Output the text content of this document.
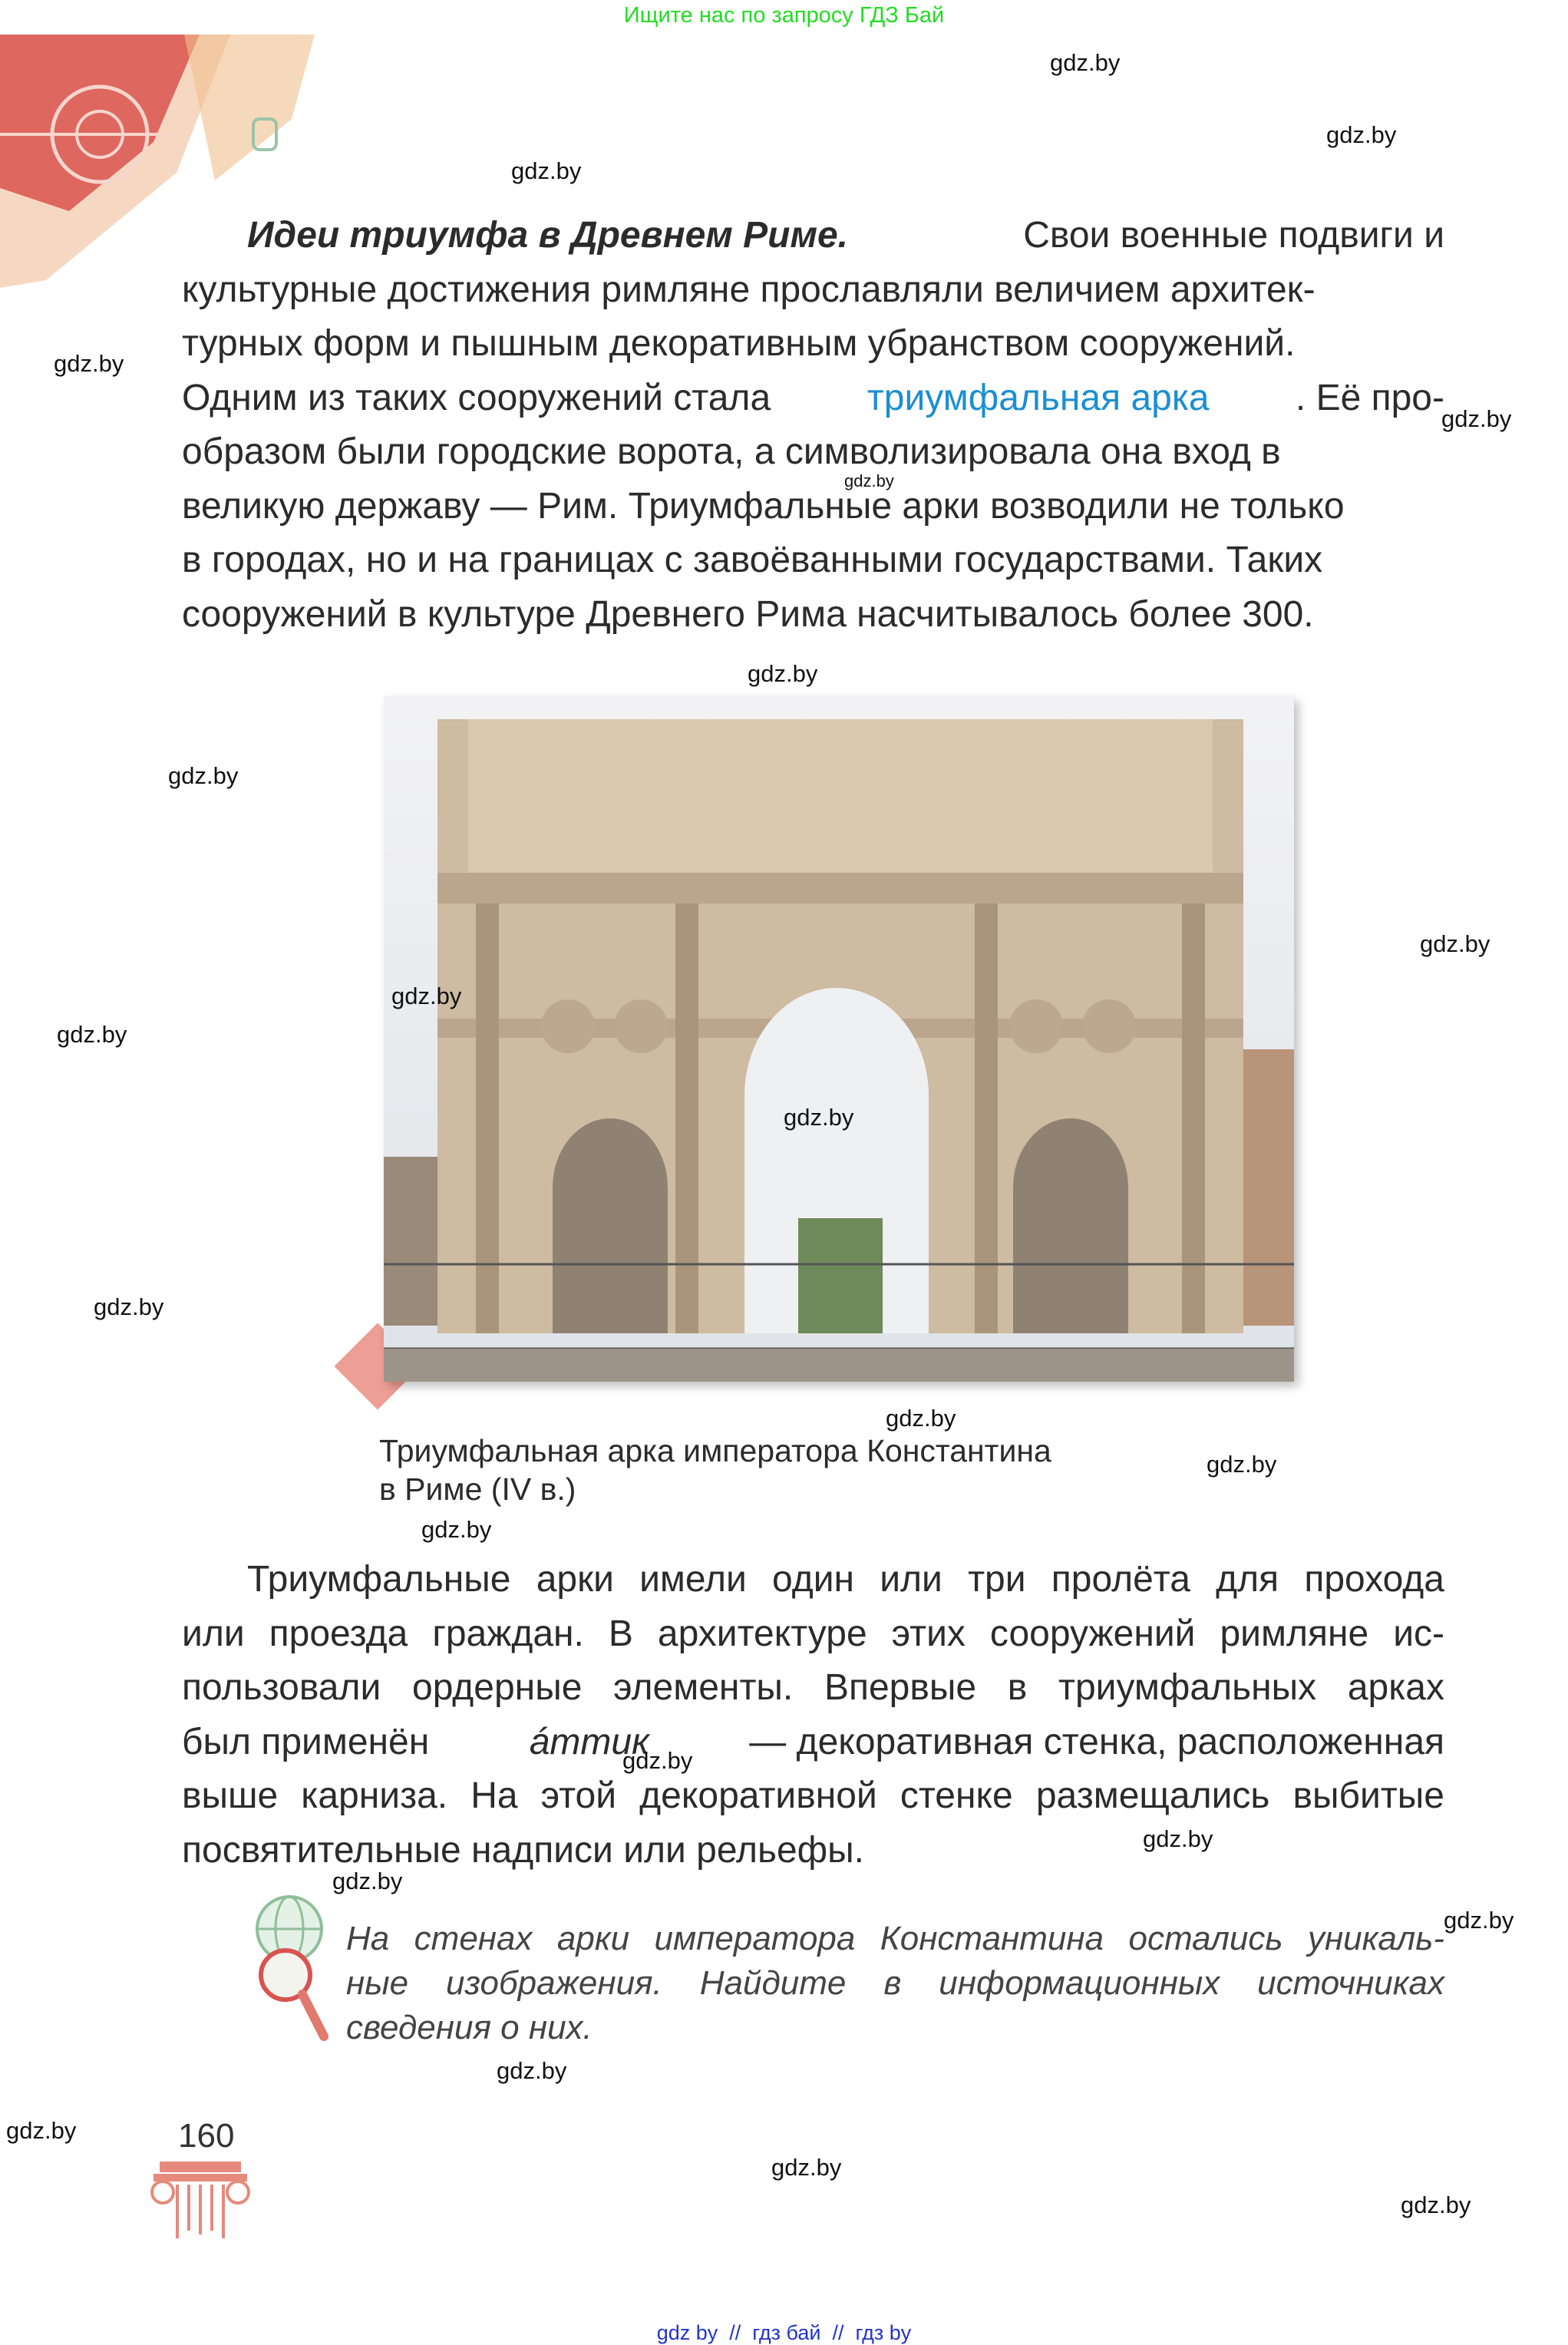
Ищите нас по запросу ГДЗ Бай
Идеи триумфа в Древнем Риме.	Свои военные подвиги и
культурные достижения римляне прославляли величием архитек-
турных форм и пышным декоративным убранством сооружений.
Одним из таких сооружений стала триумфальная арка . Её про-
образом были городские ворота, а символизировала она вход в
великую державу — Рим. Триумфальные арки возводили не только
в городах, но и на границах с завоёванными государствами. Таких
сооружений в культуре Древнего Рима насчитывалось более 300.
Триумфальная арка императора Константина
в Риме (IV в.)
Триумфальные арки имели один или три пролёта для прохода
или проезда граждан. В архитектуре этих сооружений римляне ис-
пользовали ордерные элементы. Впервые в триумфальных арках
был применён áттик — декоративная стенка, расположенная
выше карниза. На этой декоративной стенке размещались выбитые
посвятительные надписи или рельефы.
На стенах арки императора Константина остались уникаль-
ные изображения. Найдите в информационных источниках
сведения о них.
160
gdz.by
gdz.by
gdz.by
gdz.by
gdz.by
gdz.by
gdz.by
gdz.by
gdz.by
gdz.by
gdz.by
gdz.by
gdz.by
gdz.by
gdz.by
gdz.by
gdz.by
gdz.by
gdz.by
gdz.by
gdz.by
gdz.by
gdz.by
gdz.by
gdz by  //  гдз бай  //  гдз by
